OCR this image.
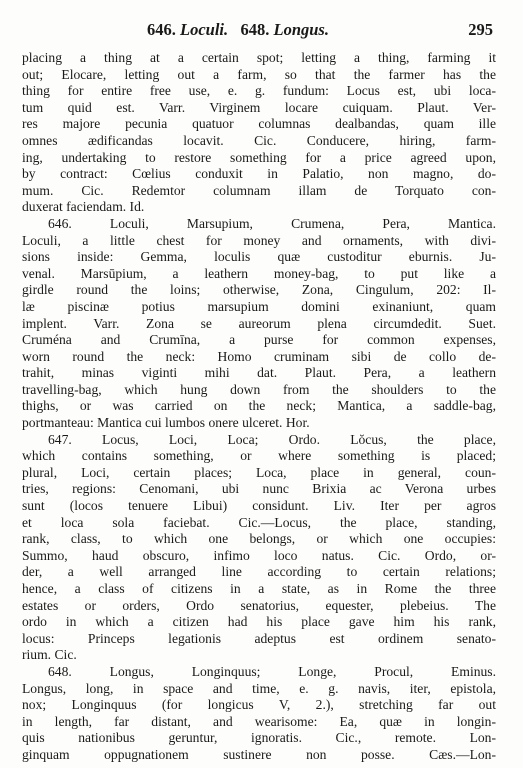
646. Loculi.   648. Longus.	295
placing a thing at a certain spot; letting a thing, farming it
out; Elocare, letting out a farm, so that the farmer has the
thing for entire free use, e. g. fundum: Locus est, ubi loca-
tum quid est. Varr. Virginem locare cuiquam. Plaut. Ver-
res majore pecunia quatuor columnas dealbandas, quam ille
omnes ædificandas locavit. Cic. Conducere, hiring, farm-
ing, undertaking to restore something for a price agreed upon,
by contract: Cœlius conduxit in Palatio, non magno, do-
mum. Cic. Redemtor columnam illam de Torquato con-
duxerat faciendam. Id.
646. Loculi, Marsupium, Crumena, Pera, Mantica.
Loculi, a little chest for money and ornaments, with divi-
sions inside: Gemma, loculis quæ custoditur eburnis. Ju-
venal. Marsūpium, a leathern money-bag, to put like a
girdle round the loins; otherwise, Zona, Cingulum, 202: Il-
læ piscinæ potius marsupium domini exinaniunt, quam
implent. Varr. Zona se aureorum plena circumdedit. Suet.
Cruména and Crumīna, a purse for common expenses,
worn round the neck: Homo cruminam sibi de collo de-
trahit, minas viginti mihi dat. Plaut. Pera, a leathern
travelling-bag, which hung down from the shoulders to the
thighs, or was carried on the neck; Mantica, a saddle-bag,
portmanteau: Mantica cui lumbos onere ulceret. Hor.
647. Locus, Loci, Loca; Ordo. Lŏcus, the place,
which contains something, or where something is placed;
plural, Loci, certain places; Loca, place in general, coun-
tries, regions: Cenomani, ubi nunc Brixia ac Verona urbes
sunt (locos tenuere Libui) considunt. Liv. Iter per agros
et loca sola faciebat. Cic.—Locus, the place, standing,
rank, class, to which one belongs, or which one occupies:
Summo, haud obscuro, infimo loco natus. Cic. Ordo, or-
der, a well arranged line according to certain relations;
hence, a class of citizens in a state, as in Rome the three
estates or orders, Ordo senatorius, equester, plebeius. The
ordo in which a citizen had his place gave him his rank,
locus: Princeps legationis adeptus est ordinem senato-
rium. Cic.
648. Longus, Longinquus; Longe, Procul, Eminus.
Longus, long, in space and time, e. g. navis, iter, epistola,
nox; Longinquus (for longicus V, 2.), stretching far out
in length, far distant, and wearisome: Ea, quæ in longin-
quis nationibus geruntur, ignoratis. Cic., remote. Lon-
ginquam oppugnationem sustinere non posse. Cæs.—Lon-
